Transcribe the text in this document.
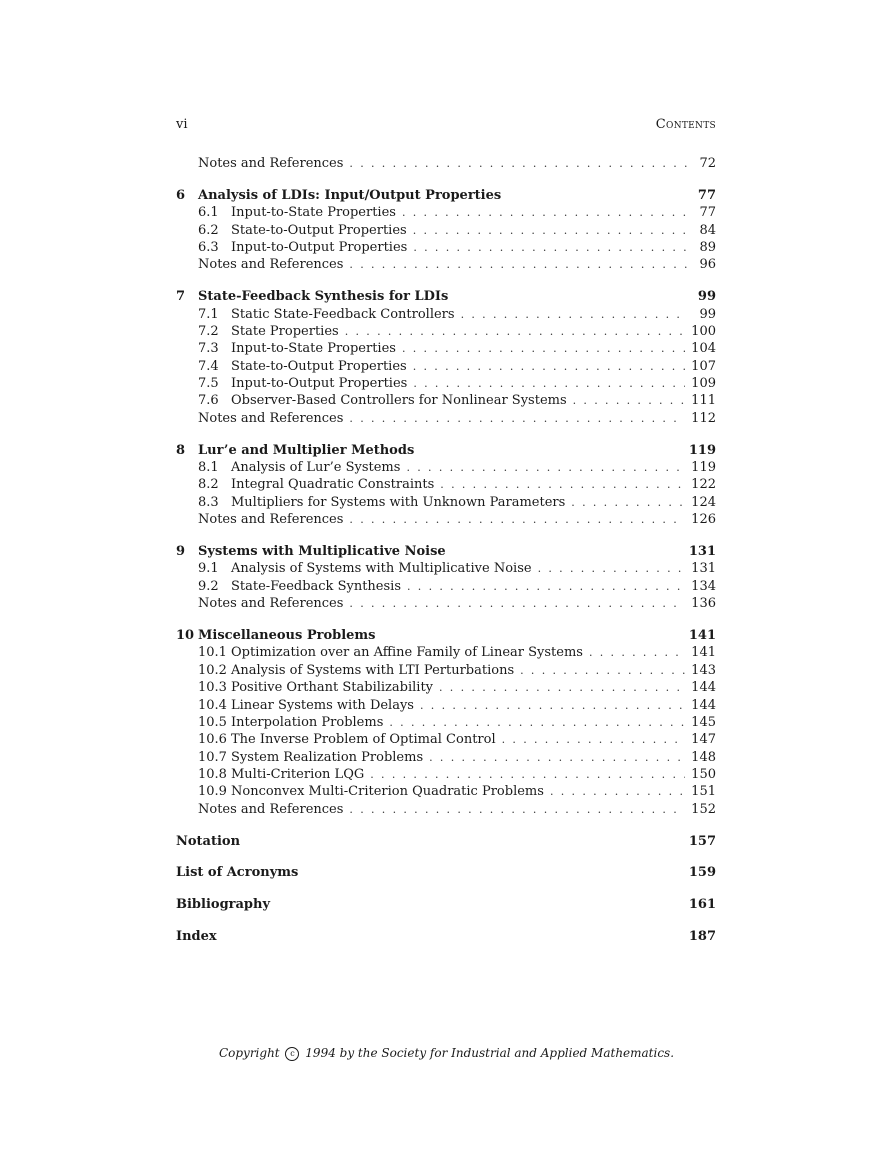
vi	Contents
Notes and References . . .	72
6 Analysis of LDIs: Input/Output Properties	77
6.1 Input-to-State Properties . . .	77
6.2 State-to-Output Properties . . .	84
6.3 Input-to-Output Properties . . .	89
Notes and References . . .	96
7 State-Feedback Synthesis for LDIs	99
7.1 Static State-Feedback Controllers . . .	99
7.2 State Properties . . .	100
7.3 Input-to-State Properties . . .	104
7.4 State-to-Output Properties . . .	107
7.5 Input-to-Output Properties . . .	109
7.6 Observer-Based Controllers for Nonlinear Systems . . .	111
Notes and References . . .	112
8 Lur’e and Multiplier Methods	119
8.1 Analysis of Lur’e Systems . . .	119
8.2 Integral Quadratic Constraints . . .	122
8.3 Multipliers for Systems with Unknown Parameters . . .	124
Notes and References . . .	126
9 Systems with Multiplicative Noise	131
9.1 Analysis of Systems with Multiplicative Noise . . .	131
9.2 State-Feedback Synthesis . . .	134
Notes and References . . .	136
10 Miscellaneous Problems	141
10.1 Optimization over an Affine Family of Linear Systems . . .	141
10.2 Analysis of Systems with LTI Perturbations . . .	143
10.3 Positive Orthant Stabilizability . . .	144
10.4 Linear Systems with Delays . . .	144
10.5 Interpolation Problems . . .	145
10.6 The Inverse Problem of Optimal Control . . .	147
10.7 System Realization Problems . . .	148
10.8 Multi-Criterion LQG . . .	150
10.9 Nonconvex Multi-Criterion Quadratic Problems . . .	151
Notes and References . . .	152
Notation	157
List of Acronyms	159
Bibliography	161
Index	187
Copyright c 1994 by the Society for Industrial and Applied Mathematics.
